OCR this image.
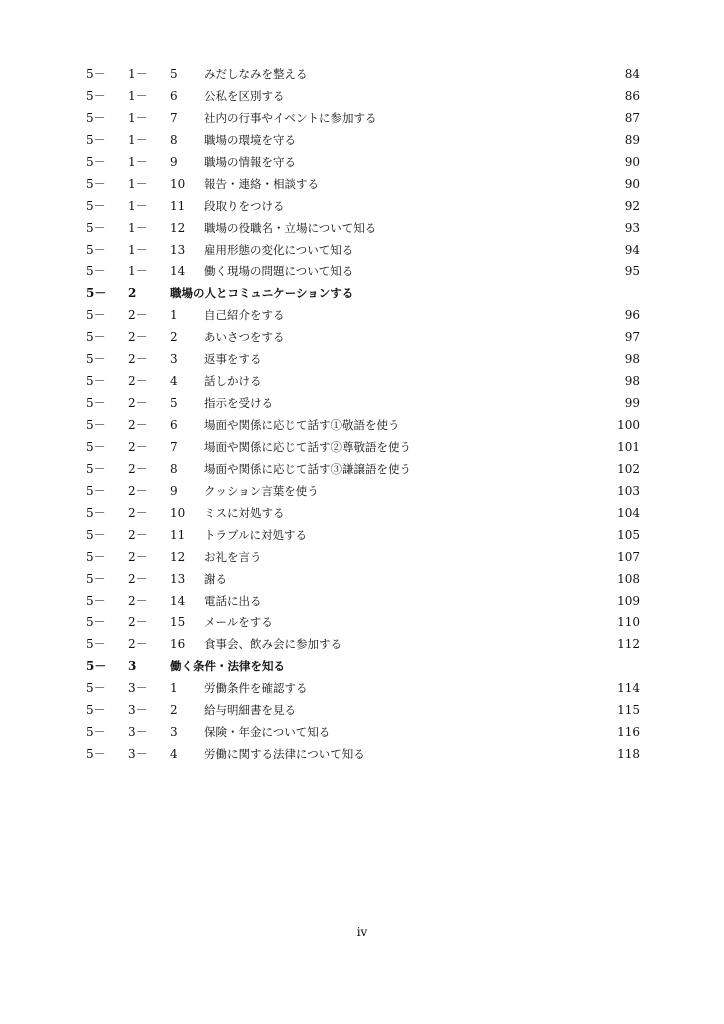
5－ 1－ 5 みだしなみを整える	84
5－ 1－ 6 公私を区別する	86
5－ 1－ 7 社内の行事やイベントに参加する	87
5－ 1－ 8 職場の環境を守る	89
5－ 1－ 9 職場の情報を守る	90
5－ 1－ 10 報告・連絡・相談する	90
5－ 1－ 11 段取りをつける	92
5－ 1－ 12 職場の役職名・立場について知る	93
5－ 1－ 13 雇用形態の変化について知る	94
5－ 1－ 14 働く現場の問題について知る	95
5－ 2	職場の人とコミュニケーションする
5－ 2－ 1 自己紹介をする	96
5－ 2－ 2 あいさつをする	97
5－ 2－ 3 返事をする	98
5－ 2－ 4 話しかける	98
5－ 2－ 5 指示を受ける	99
5－ 2－ 6 場面や関係に応じて話す①敬語を使う	100
5－ 2－ 7 場面や関係に応じて話す②尊敬語を使う	101
5－ 2－ 8 場面や関係に応じて話す③謙譲語を使う	102
5－ 2－ 9 クッション言葉を使う	103
5－ 2－ 10 ミスに対処する	104
5－ 2－ 11 トラブルに対処する	105
5－ 2－ 12 お礼を言う	107
5－ 2－ 13 謝る	108
5－ 2－ 14 電話に出る	109
5－ 2－ 15 メールをする	110
5－ 2－ 16 食事会、飲み会に参加する	112
5－ 3	働く条件・法律を知る
5－ 3－ 1 労働条件を確認する	114
5－ 3－ 2 給与明細書を見る	115
5－ 3－ 3 保険・年金について知る	116
5－ 3－ 4 労働に関する法律について知る	118
iv
